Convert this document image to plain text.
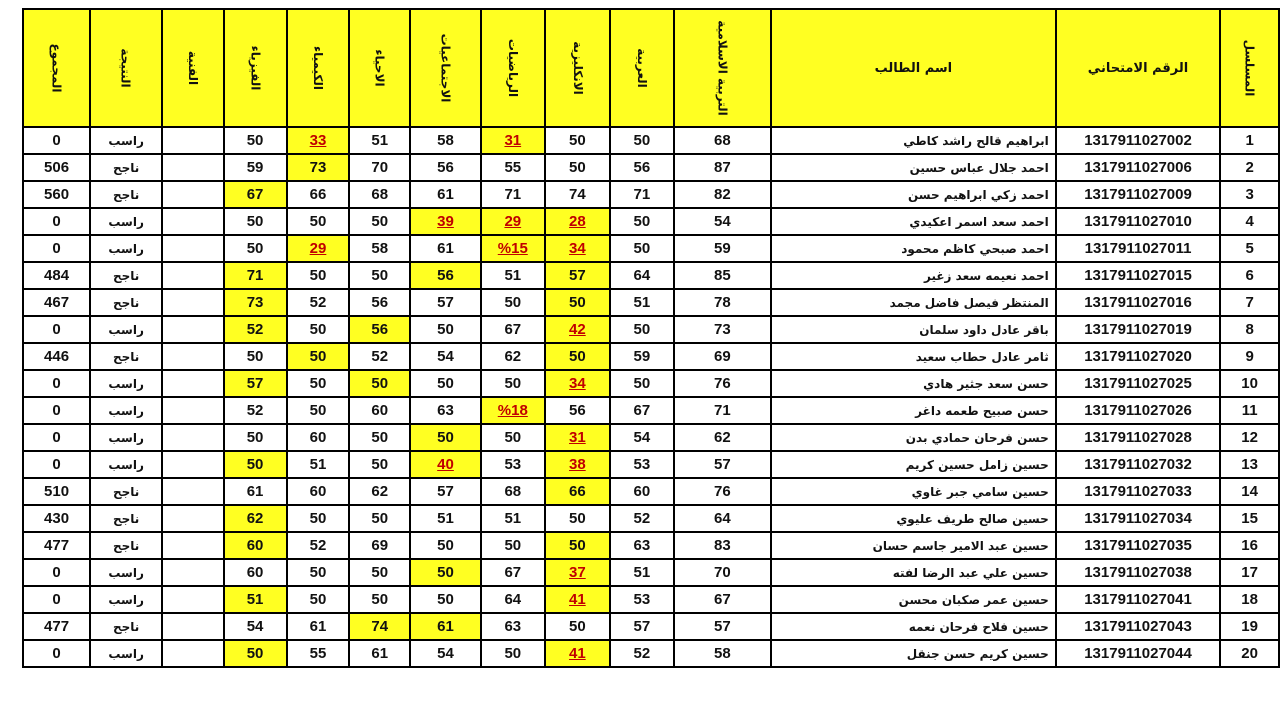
المسلسل	الرقم الامتحاني	اسم الطالب	التربية الاسلامية	العربية	الانكليزية	الرياضيات	الاجتماعيات	الاحياء	الكيمياء	الفيزياء	الفنية	النتيجة	المجموع
1	1317911027002	ابراهيم قالح راشد كاطي	68	50	50	31	58	51	33	50		راسب	0
2	1317911027006	احمد جلال عباس حسين	87	56	50	55	56	70	73	59		ناجح	506
3	1317911027009	احمد زكي ابراهيم حسن	82	71	74	71	61	68	66	67		ناجح	560
4	1317911027010	احمد سعد اسمر اعكيدي	54	50	28	29	39	50	50	50		راسب	0
5	1317911027011	احمد صبحي كاظم محمود	59	50	34	%15	61	58	29	50		راسب	0
6	1317911027015	احمد نعيمه سعد زغير	85	64	57	51	56	50	50	71		ناجح	484
7	1317911027016	المنتظر فيصل فاضل مجمد	78	51	50	50	57	56	52	73		ناجح	467
8	1317911027019	باقر عادل داود سلمان	73	50	42	67	50	56	50	52		راسب	0
9	1317911027020	ثامر عادل حطاب سعيد	69	59	50	62	54	52	50	50		ناجح	446
10	1317911027025	حسن سعد جثير هادي	76	50	34	50	50	50	50	57		راسب	0
11	1317911027026	حسن صبيح طعمه داغر	71	67	56	%18	63	60	50	52		راسب	0
12	1317911027028	حسن فرحان حمادي بدن	62	54	31	50	50	50	60	50		راسب	0
13	1317911027032	حسين زامل حسين كريم	57	53	38	53	40	50	51	50		راسب	0
14	1317911027033	حسين سامي جبر غاوي	76	60	66	68	57	62	60	61		ناجح	510
15	1317911027034	حسين صالح طريف عليوي	64	52	50	51	51	50	50	62		ناجح	430
16	1317911027035	حسين عبد الامير جاسم حسان	83	63	50	50	50	69	52	60		ناجح	477
17	1317911027038	حسين علي عبد الرضا لفته	70	51	37	67	50	50	50	60		راسب	0
18	1317911027041	حسين عمر صكبان محسن	67	53	41	64	50	50	50	51		راسب	0
19	1317911027043	حسين فلاح فرحان نعمه	57	57	50	63	61	74	61	54		ناجح	477
20	1317911027044	حسين كريم حسن جنقل	58	52	41	50	54	61	55	50		راسب	0
